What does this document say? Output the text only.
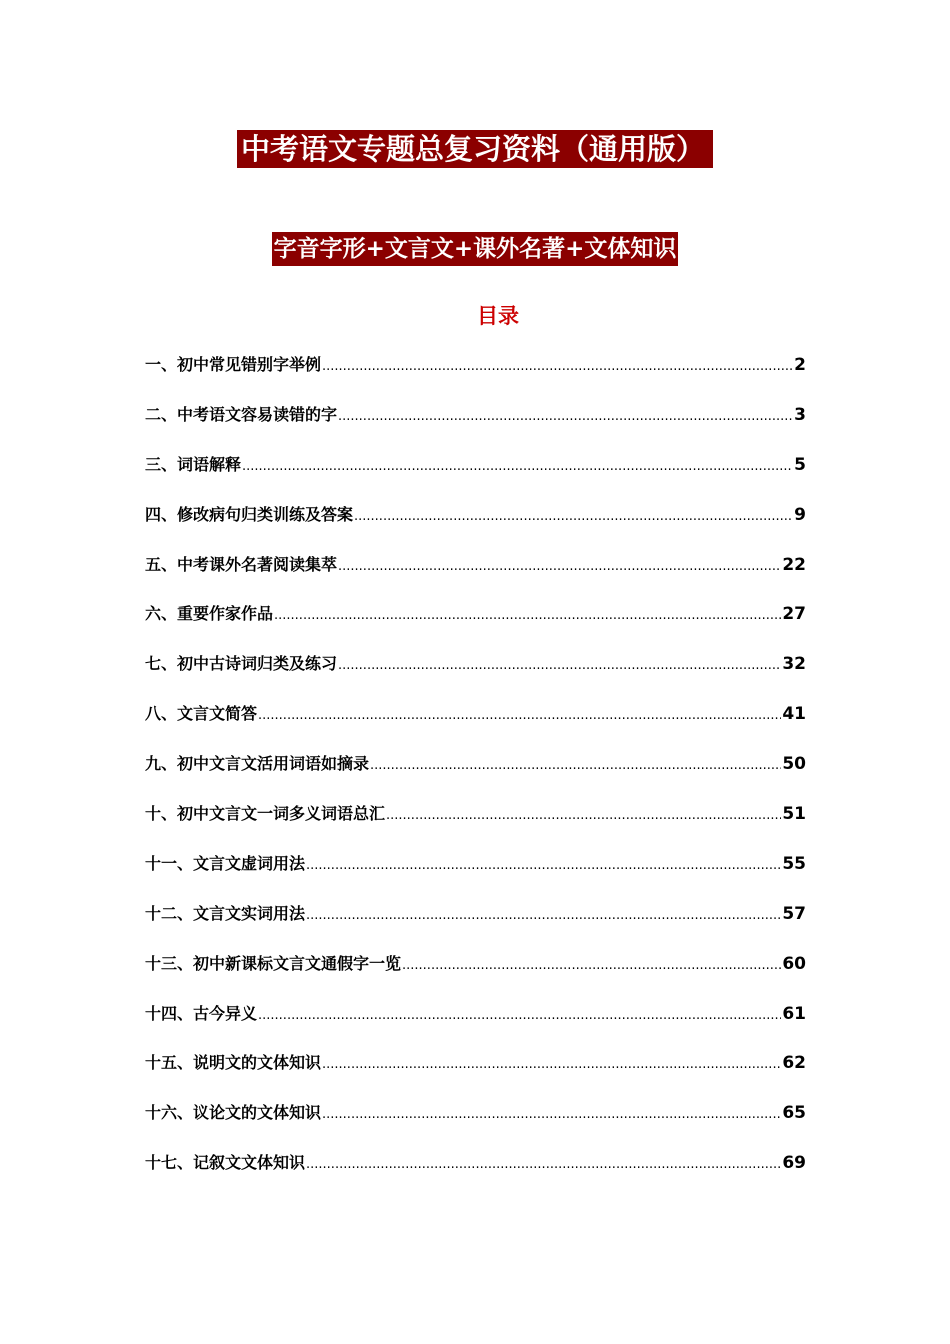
中考语文专题总复习资料（通用版）
字音字形+文言文+课外名著+文体知识
目录
一、初中常见错别字举例 .....	2
二、中考语文容易读错的字 .....	3
三、词语解释 .....	5
四、修改病句归类训练及答案 .....	9
五、中考课外名著阅读集萃 .....	22
六、重要作家作品 .....	27
七、初中古诗词归类及练习 .....	32
八、文言文简答 .....	41
九、初中文言文活用词语如摘录 .....	50
十、初中文言文一词多义词语总汇 .....	51
十一、文言文虚词用法 .....	55
十二、文言文实词用法 .....	57
十三、初中新课标文言文通假字一览 .....	60
十四、古今异义 .....	61
十五、说明文的文体知识 .....	62
十六、议论文的文体知识 .....	65
十七、记叙文文体知识 .....	69
